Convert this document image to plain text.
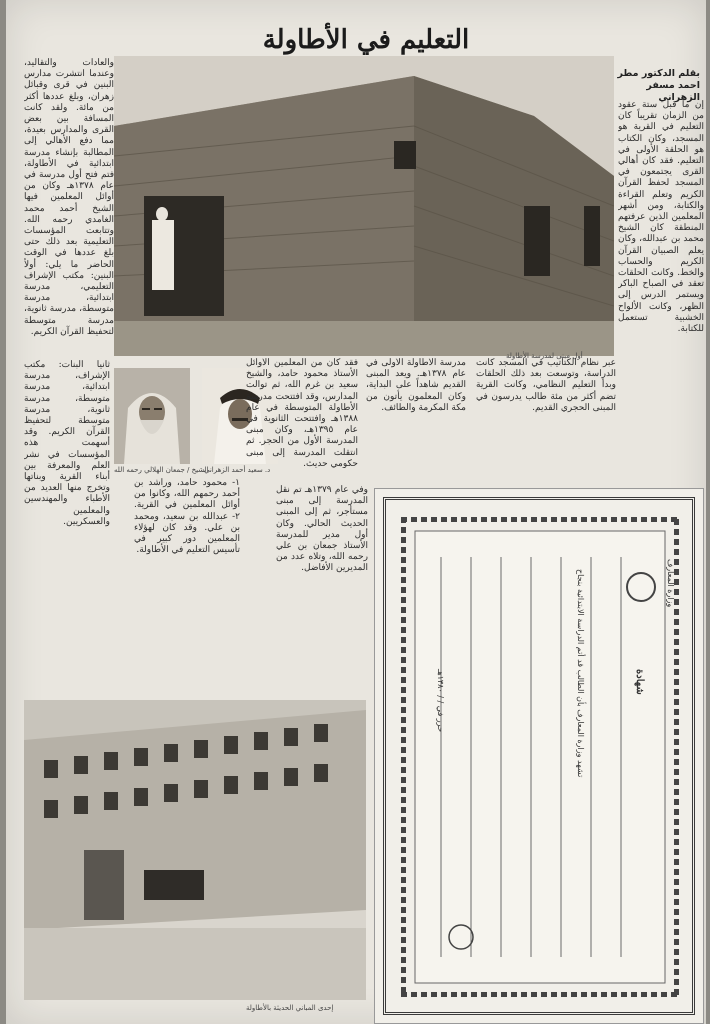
التعليم في الأطاولة
بقلم الدكتور مطر احمد مسفر الزهراني
أول مبنى لمدرسة الأطاولة
إن ما قبل ستة عقود من الزمان تقريباً كان التعليم في القرية هو المسجد، وكان الكتاب هو الحلقة الأولى في التعليم. فقد كان أهالي القرى يجتمعون في المسجد لحفظ القرآن الكريم وتعلم القراءة والكتابة، ومن أشهر المعلمين الذين عرفتهم المنطقة كان الشيخ محمد بن عبدالله، وكان يعلم الصبيان القرآن الكريم والحساب والخط. وكانت الحلقات تعقد في الصباح الباكر ويستمر الدرس إلى الظهر، وكانت الألواح الخشبية تستعمل للكتابة.
والعادات والتقاليد، وعندما انتشرت مدارس البنين في قرى وقبائل زهران، وبلغ عددها أكثر من مائة. ولقد كانت المسافة بين بعض القرى والمدارس بعيدة، مما دفع الأهالي إلى المطالبة بإنشاء مدرسة ابتدائية في الأطاولة، فتم فتح أول مدرسة في عام ١٣٧٨هـ وكان من أوائل المعلمين فيها الشيخ أحمد محمد الغامدي رحمه الله. وتتابعت المؤسسات التعليمية بعد ذلك حتى بلغ عددها في الوقت الحاضر ما يلي: أولاً البنين: مكتب الإشراف التعليمي، مدرسة ابتدائية، مدرسة متوسطة، مدرسة ثانوية، مدرسة متوسطة لتحفيظ القرآن الكريم.
ثانياً البنات: مكتب الإشراف، مدرسة ابتدائية، مدرسة متوسطة، مدرسة ثانوية، مدرسة متوسطة لتحفيظ القرآن الكريم. وقد أسهمت هذه المؤسسات في نشر العلم والمعرفة بين أبناء القرية وبناتها وتخرج منها العديد من الأطباء والمهندسين والمعلمين والعسكريين.
الشيخ / جمعان الهلالي رحمه الله
د. سعيد أحمد الزهراني
فقد كان من المعلمين الأوائل الأستاذ محمود حامد، والشيخ سعيد بن غرم الله، ثم توالت المدارس، وقد افتتحت مدرسة الأطاولة المتوسطة في عام ١٣٨٨هـ وافتتحت الثانوية في عام ١٣٩٥هـ، وكان مبنى المدرسة الأول من الحجر. ثم انتقلت المدرسة إلى مبنى حكومي حديث.
مدرسة الأطاولة الأولى في عام ١٣٧٨هـ. ويعد المبنى القديم شاهداً على البداية، وكان المعلمون يأتون من مكة المكرمة والطائف.
عبر نظام الكتاتيب في المسجد كانت الدراسة، وتوسعت بعد ذلك الحلقات وبدأ التعليم النظامي، وكانت القرية تضم أكثر من مئة طالب يدرسون في المبنى الحجري القديم.
وفي عام ١٣٧٩هـ تم نقل المدرسة إلى مبنى مستأجر، ثم إلى المبنى الحديث الحالي. وكان أول مدير للمدرسة الأستاذ جمعان بن علي رحمه الله، وتلاه عدد من المديرين الأفاضل.
١- محمود حامد، وراشد بن أحمد رحمهم الله، وكانوا من أوائل المعلمين في القرية. ٢- عبدالله بن سعيد، ومحمد بن علي. وقد كان لهؤلاء المعلمين دور كبير في تأسيس التعليم في الأطاولة.
إحدى المباني الحديثة بالأطاولة
وزارة المعارف
شهادة
تشهد وزارة المعارف بأن الطالب قد أتم الدراسة الابتدائية بنجاح
حرر في / / ١٣٨٠هـ
